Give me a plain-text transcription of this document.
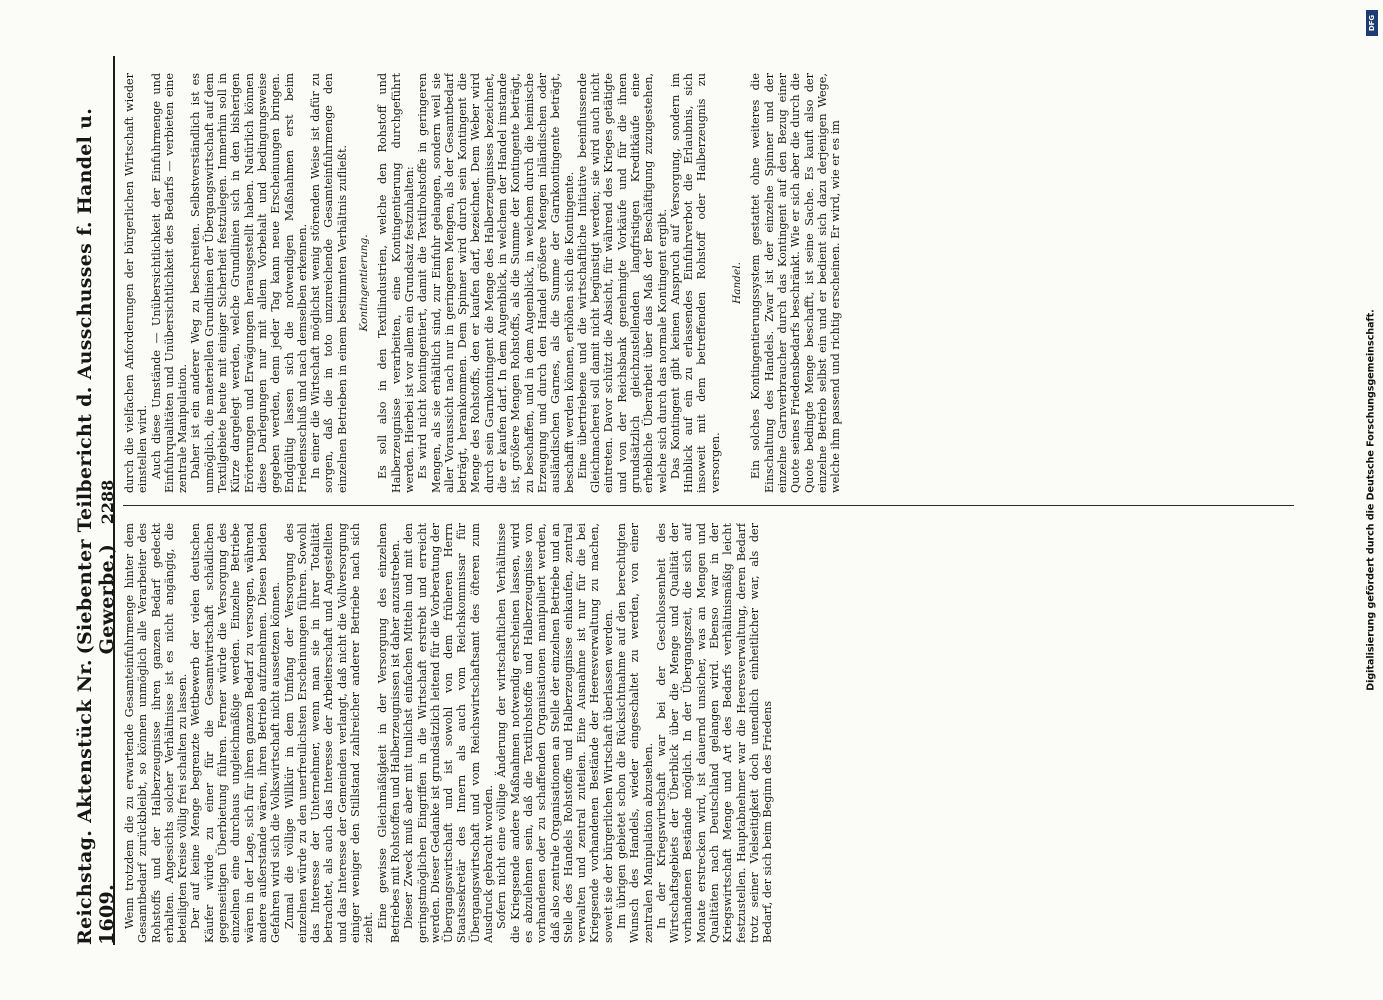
Reichstag. Aktenstück Nr. 1609.
(Siebenter Teilbericht d. Ausschusses f. Handel u. Gewerbe.) 2288

Wenn trotzdem die zu erwartende Gesamteinfuhrmenge hinter dem Gesamtbedarf zurückbleibt, so können unmöglich alle Verarbeiter des Rohstoffs und der Halberzeugnisse ihren ganzen Bedarf gedeckt erhalten. Angesichts solcher Verhältnisse ist es nicht angängig, die beteiligten Kreise völlig frei schalten zu lassen. Der auf keine Menge begrenzte Wettbewerb der vielen deutschen Käufer würde zu einer für die Gesamtwirtschaft schädlichen gegenseitigen Überbietung führen. Ferner würde die Versorgung des einzelnen eine durchaus ungleichmäßige werden. Einzelne Betriebe wären in der Lage, sich für ihren ganzen Bedarf zu versorgen, während andere außerstande wären, ihren Betrieb aufzunehmen. Diesen beiden Gefahren wird sich die Volkswirtschaft nicht aussetzen können. Zumal die völlige Willkür in dem Umfang der Versorgung des einzelnen würde zu den unerfreulichsten Erscheinungen führen. Sowohl das Interesse der Unternehmer, wenn man sie in ihrer Totalität betrachtet, als auch das Interesse der Arbeiterschaft und Angestellten und das Interesse der Gemeinden verlangt, daß nicht die Vollversorgung einiger weniger den Stillstand zahlreicher anderer Betriebe nach sich zieht. Eine gewisse Gleichmäßigkeit in der Versorgung des einzelnen Betriebes mit Rohstoffen und Halberzeugnissen ist daher anzustreben. Dieser Zweck muß aber mit tunlichst einfachen Mitteln und mit den geringstmöglichen Eingriffen in die Wirtschaft erstrebt und erreicht werden. Dieser Gedanke ist grundsätzlich leitend für die Vorberatung der Übergangswirtschaft und ist sowohl von dem früheren Herrn Staatssekretär des Innern als auch vom Reichskommissar für Übergangswirtschaft und vom Reichswirtschaftsamt des öfteren zum Ausdruck gebracht worden. Sofern nicht eine völlige Änderung der wirtschaftlichen Verhältnisse die Kriegsende andere Maßnahmen notwendig erscheinen lassen, wird es abzulehnen sein, daß die Textilrohstoffe und Halberzeugnisse von vorhandenen oder zu schaffenden Organisationen manipuliert werden, daß also zentrale Organisationen an Stelle der einzelnen Betriebe und an Stelle des Handels Rohstoffe und Halberzeugnisse einkaufen, zentral verwalten und zentral zuteilen. Eine Ausnahme ist nur für die bei Kriegsende vorhandenen Bestände der Heeresverwaltung zu machen, soweit sie der bürgerlichen Wirtschaft überlassen werden. Im übrigen gebietet schon die Rücksichtnahme auf den berechtigten Wunsch des Handels, wieder eingeschaltet zu werden, von einer zentralen Manipulation abzusehen. In der Kriegswirtschaft war bei der Geschlossenheit des Wirtschaftsgebiets der Überblick über die Menge und Qualität der vorhandenen Bestände möglich. In der Übergangszeit, die sich auf Monate erstrecken wird, ist dauernd unsicher, was an Mengen und Qualitäten nach Deutschland gelangen wird. Ebenso war in der Kriegswirtschaft Menge und Art des Bedarfs verhältnismäßig leicht festzustellen. Hauptabnehmer war die Heeresverwaltung, deren Bedarf trotz seiner Vielseitigkeit doch unendlich einheitlicher war, als der Bedarf, der sich beim Beginn des Friedens

durch die vielfachen Anforderungen der bürgerlichen Wirtschaft wieder einstellen wird. Auch diese Umstände — Unübersichtlichkeit der Einfuhrmenge und Einfuhrqualitäten und Unübersichtlichkeit des Bedarfs — verbieten eine zentrale Manipulation. Daher ist ein anderer Weg zu beschreiten. Selbstverständlich ist es unmöglich, die materiellen Grundlinien der Übergangswirtschaft auf dem Textilgebiete heute mit einiger Sicherheit festzulegen. Immerhin soll in Kürze dargelegt werden, welche Grundlinien sich in den bisherigen Erörterungen und Erwägungen herausgestellt haben. Natürlich können diese Darlegungen nur mit allem Vorbehalt und bedingungsweise gegeben werden, denn jeder Tag kann neue Erscheinungen bringen. Endgültig lassen sich die notwendigen Maßnahmen erst beim Friedensschluß und nach demselben erkennen. In einer die Wirtschaft möglichst wenig störenden Weise ist dafür zu sorgen, daß die in toto unzureichende Gesamteinfuhrmenge den einzelnen Betrieben in einem bestimmten Verhältnis zufließt. Kontingentierung. Es soll also in den Textilindustrien, welche den Rohstoff und Halberzeugnisse verarbeiten, eine Kontingentierung durchgeführt werden. Hierbei ist vor allem ein Grundsatz festzuhalten: Es wird nicht kontingentiert, damit die Textilrohstoffe in geringeren Mengen, als sie erhältlich sind, zur Einfuhr gelangen, sondern weil sie aller Voraussicht nach nur in geringeren Mengen, als der Gesamtbedarf beträgt, herankommen. Dem Spinner wird durch sein Kontingent die Menge des Rohstoffs, den er kaufen darf, bezeichnet. Dem Weber wird durch sein Garnkontingent die Menge des Halberzeugnisses bezeichnet, die er kaufen darf. In dem Augenblick, in welchem der Handel imstande ist, größere Mengen Rohstoffs, als die Summe der Kontingente beträgt, zu beschaffen, und in dem Augenblick, in welchem durch die heimische Erzeugung und durch den Handel größere Mengen inländischen oder ausländischen Garnes, als die Summe der Garnkontingente beträgt, beschafft werden können, erhöhen sich die Kontingente. Eine übertriebene und die wirtschaftliche Initiative beeinflussende Gleichmacherei soll damit nicht begünstigt werden; sie wird auch nicht eintreten. Davor schützt die Absicht, für während des Krieges getätigte und von der Reichsbank genehmigte Vorkäufe und für die ihnen grundsätzlich gleichzustellenden langfristigen Kreditkäufe eine erhebliche Überarbeit über das Maß der Beschäftigung zuzugestehen, welche sich durch das normale Kontingent ergibt. Das Kontingent gibt keinen Anspruch auf Versorgung, sondern im Hinblick auf ein zu erlassendes Einfuhrverbot die Erlaubnis, sich insoweit mit dem betreffenden Rohstoff oder Halberzeugnis zu versorgen.

Handel. Ein solches Kontingentierungssystem gestattet ohne weiteres die Einschaltung des Handels. Zwar ist der einzelne Spinner und der einzelne Garnverbraucher durch das Kontingent auf den Bezug einer Quote seines Friedensbedarfs beschränkt. Wie er sich aber die durch die Quote bedingte Menge beschafft, ist seine Sache. Es kauft also der einzelne Betrieb selbst ein und er bedient sich dazu derjenigen Wege, welche ihm passend und richtig erscheinen. Er wird, wie er es im

DFG
Digitalisierung gefördert durch die Deutsche Forschungsgemeinschaft.
